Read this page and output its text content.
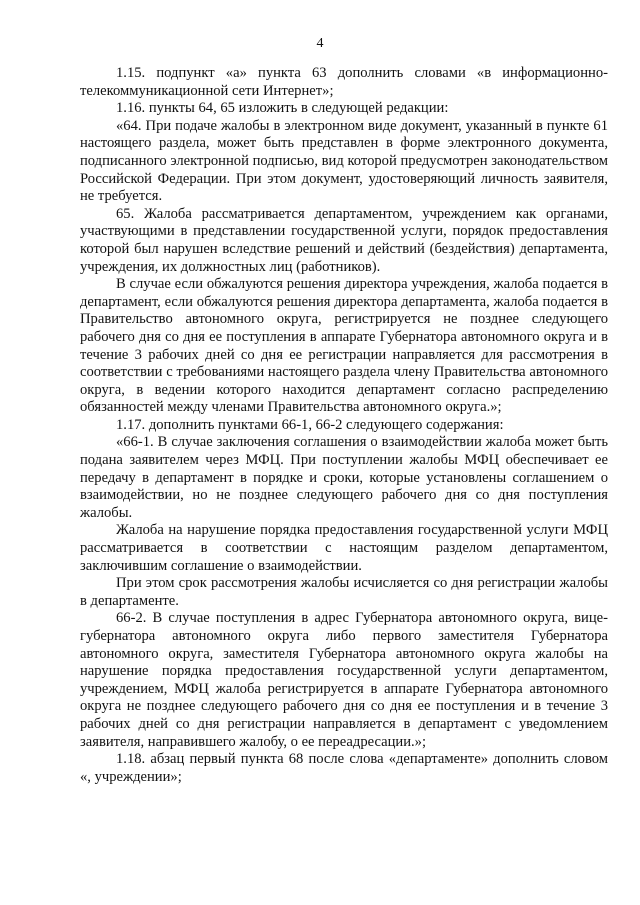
4

1.15. подпункт «а» пункта 63 дополнить словами «в информационно-телекоммуникационной сети Интернет»;

1.16. пункты 64, 65 изложить в следующей редакции:

«64. При подаче жалобы в электронном виде документ, указанный в пункте 61 настоящего раздела, может быть представлен в форме электронного документа, подписанного электронной подписью, вид которой предусмотрен законодательством Российской Федерации. При этом документ, удостоверяющий личность заявителя, не требуется.

65. Жалоба рассматривается департаментом, учреждением как органами, участвующими в представлении государственной услуги, порядок предоставления которой был нарушен вследствие решений и действий (бездействия) департамента, учреждения, их должностных лиц (работников).

В случае если обжалуются решения директора учреждения, жалоба подается в департамент, если обжалуются решения директора департамента, жалоба подается в Правительство автономного округа, регистрируется не позднее следующего рабочего дня со дня ее поступления в аппарате Губернатора автономного округа и в течение 3 рабочих дней со дня ее регистрации направляется для рассмотрения в соответствии с требованиями настоящего раздела члену Правительства автономного округа, в ведении которого находится департамент согласно распределению обязанностей между членами Правительства автономного округа.»;

1.17. дополнить пунктами 66-1, 66-2 следующего содержания:

«66-1. В случае заключения соглашения о взаимодействии жалоба может быть подана заявителем через МФЦ. При поступлении жалобы МФЦ обеспечивает ее передачу в департамент в порядке и сроки, которые установлены соглашением о взаимодействии, но не позднее следующего рабочего дня со дня поступления жалобы.

Жалоба на нарушение порядка предоставления государственной услуги МФЦ рассматривается в соответствии с настоящим разделом департаментом, заключившим соглашение о взаимодействии.

При этом срок рассмотрения жалобы исчисляется со дня регистрации жалобы в департаменте.

66-2. В случае поступления в адрес Губернатора автономного округа, вице-губернатора автономного округа либо первого заместителя Губернатора автономного округа, заместителя Губернатора автономного округа жалобы на нарушение порядка предоставления государственной услуги департаментом, учреждением, МФЦ жалоба регистрируется в аппарате Губернатора автономного округа не позднее следующего рабочего дня со дня ее поступления и в течение 3 рабочих дней со дня регистрации направляется в департамент с уведомлением заявителя, направившего жалобу, о ее переадресации.»;

1.18. абзац первый пункта 68 после слова «департаменте» дополнить словом «, учреждении»;
